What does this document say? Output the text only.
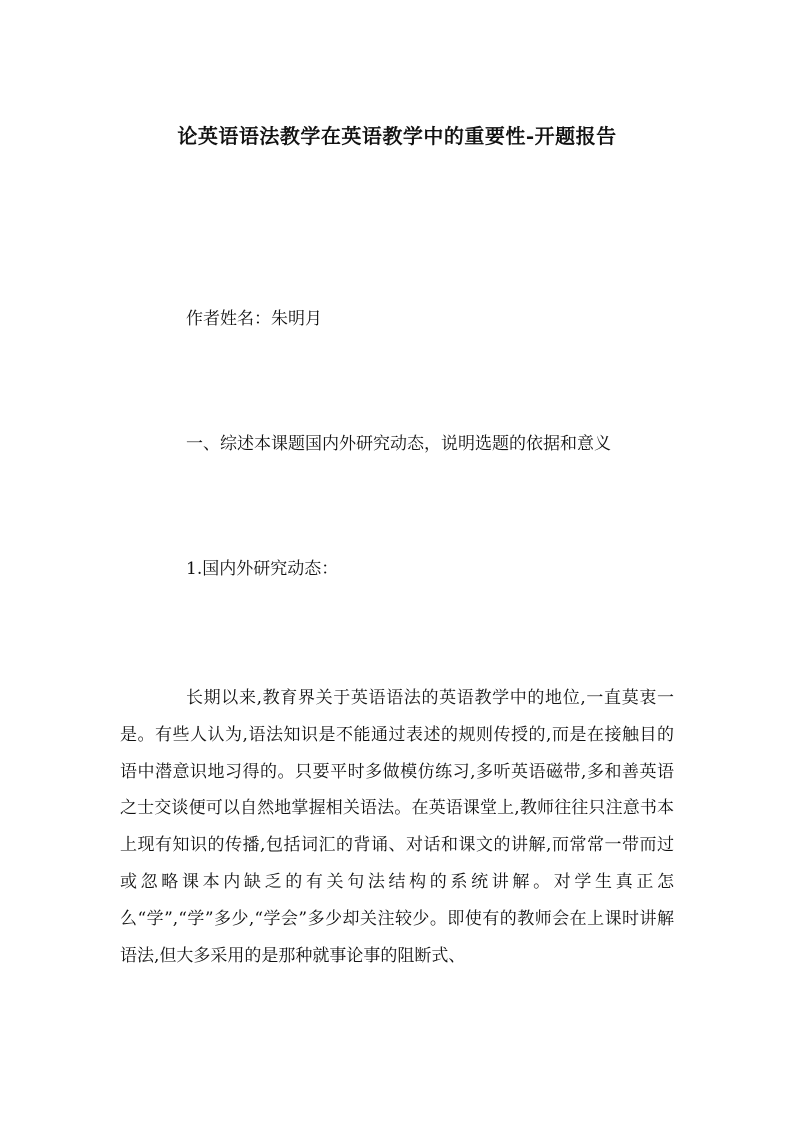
论英语语法教学在英语教学中的重要性-开题报告
作者姓名：朱明月
一、综述本课题国内外研究动态，说明选题的依据和意义
1.国内外研究动态：

长期以来,教育界关于英语语法的英语教学中的地位,一直莫衷一是。有些人认为,语法知识是不能通过表述的规则传授的,而是在接触目的语中潜意识地习得的。只要平时多做模仿练习,多听英语磁带,多和善英语之士交谈便可以自然地掌握相关语法。在英语课堂上,教师往往只注意书本上现有知识的传播,包括词汇的背诵、对话和课文的讲解,而常常一带而过或忽略课本内缺乏的有关句法结构的系统讲解。对学生真正怎么“学”,“学”多少,“学会”多少却关注较少。即使有的教师会在上课时讲解语法,但大多采用的是那种就事论事的阻断式、
